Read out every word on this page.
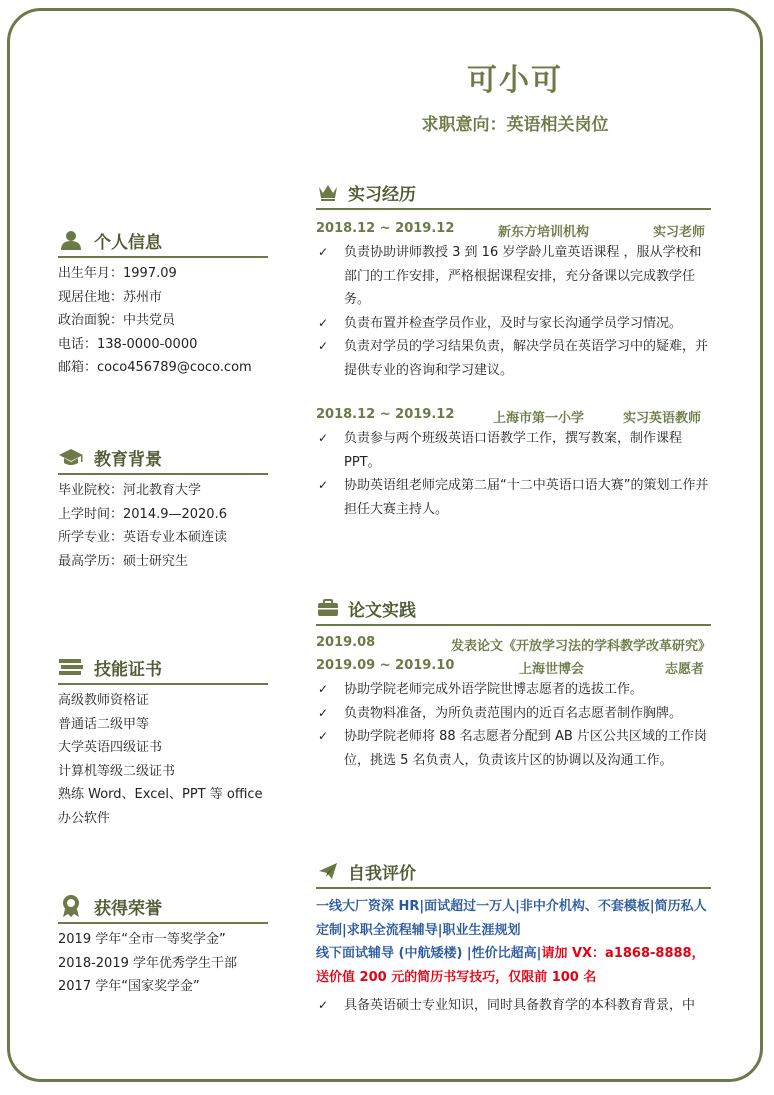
可小可
求职意向：英语相关岗位
个人信息
出生年月：1997.09
现居住地：苏州市
政治面貌：中共党员
电话：138-0000-0000
邮箱：coco456789@coco.com
教育背景
毕业院校：河北教育大学
上学时间：2014.9—2020.6
所学专业：英语专业本硕连读
最高学历：硕士研究生
技能证书
高级教师资格证
普通话二级甲等
大学英语四级证书
计算机等级二级证书
熟练 Word、Excel、PPT 等 office
办公软件
获得荣誉
2019 学年“全市一等奖学金”
2018-2019 学年优秀学生干部
2017 学年“国家奖学金”
实习经历
2018.12 ~ 2019.12	新东方培训机构	实习老师
✓ 负责协助讲师教授 3 到 16 岁学龄儿童英语课程 ，服从学校和部门的工作安排，严格根据课程安排，充分备课以完成教学任务。
✓ 负责布置并检查学员作业，及时与家长沟通学员学习情况。
✓ 负责对学员的学习结果负责，解决学员在英语学习中的疑难，并提供专业的咨询和学习建议。
2018.12 ~ 2019.12	上海市第一小学	实习英语教师
✓ 负责参与两个班级英语口语教学工作，撰写教案，制作课程PPT。
✓ 协助英语组老师完成第二届“十二中英语口语大赛”的策划工作并担任大赛主持人。
论文实践
2019.08	发表论文《开放学习法的学科教学改革研究》
2019.09 ~ 2019.10	上海世博会	志愿者
✓ 协助学院老师完成外语学院世博志愿者的选拔工作。
✓ 负责物料准备，为所负责范围内的近百名志愿者制作胸牌。
✓ 协助学院老师将 88 名志愿者分配到 AB 片区公共区域的工作岗位，挑选 5 名负责人，负责该片区的协调以及沟通工作。
自我评价
一线大厂资深 HR|面试超过一万人|非中介机构、不套模板|简历私人定制|求职全流程辅导|职业生涯规划
线下面试辅导 (中航矮楼) |性价比超高|请加 VX：a1868-8888，送价值 200 元的简历书写技巧，仅限前 100 名
✓ 具备英语硕士专业知识，同时具备教育学的本科教育背景，中
